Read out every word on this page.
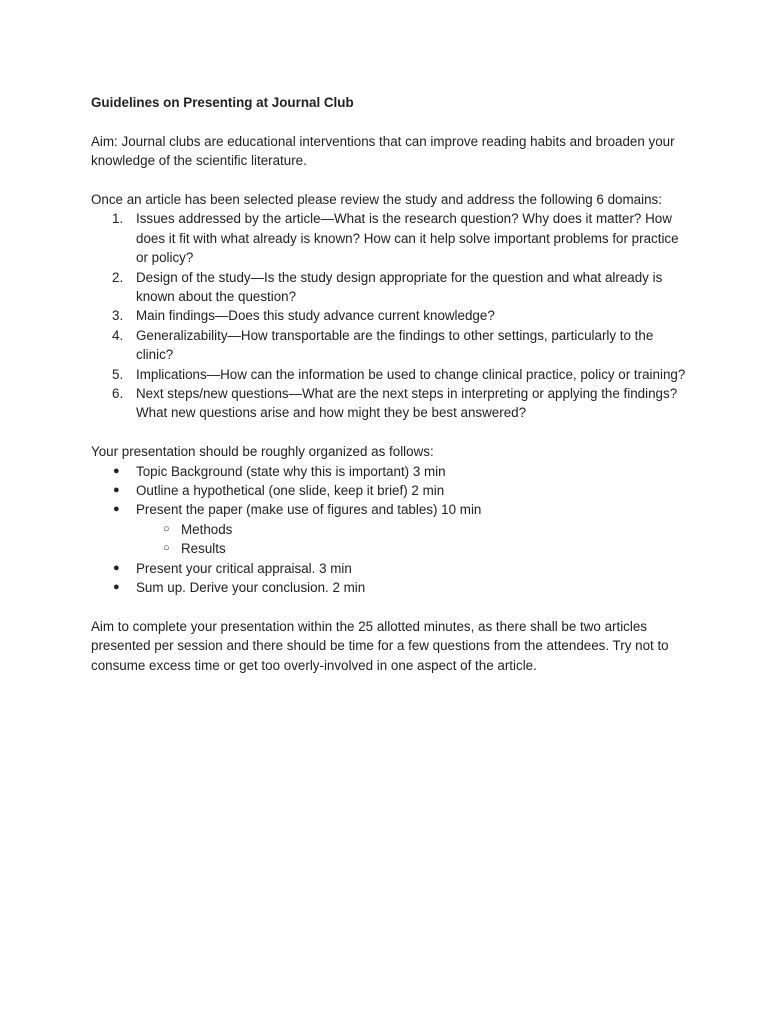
Guidelines on Presenting at Journal Club

Aim: Journal clubs are educational interventions that can improve reading habits and broaden your knowledge of the scientific literature.

Once an article has been selected please review the study and address the following 6 domains:

1. Issues addressed by the article—What is the research question? Why does it matter? How does it fit with what already is known? How can it help solve important problems for practice or policy?
2. Design of the study—Is the study design appropriate for the question and what already is known about the question?
3. Main findings—Does this study advance current knowledge?
4. Generalizability—How transportable are the findings to other settings, particularly to the clinic?
5. Implications—How can the information be used to change clinical practice, policy or training?
6. Next steps/new questions—What are the next steps in interpreting or applying the findings? What new questions arise and how might they be best answered?

Your presentation should be roughly organized as follows:

● Topic Background (state why this is important) 3 min
● Outline a hypothetical (one slide, keep it brief) 2 min
● Present the paper (make use of figures and tables) 10 min
○ Methods
○ Results
● Present your critical appraisal. 3 min
● Sum up. Derive your conclusion. 2 min

Aim to complete your presentation within the 25 allotted minutes, as there shall be two articles presented per session and there should be time for a few questions from the attendees. Try not to consume excess time or get too overly-involved in one aspect of the article.
